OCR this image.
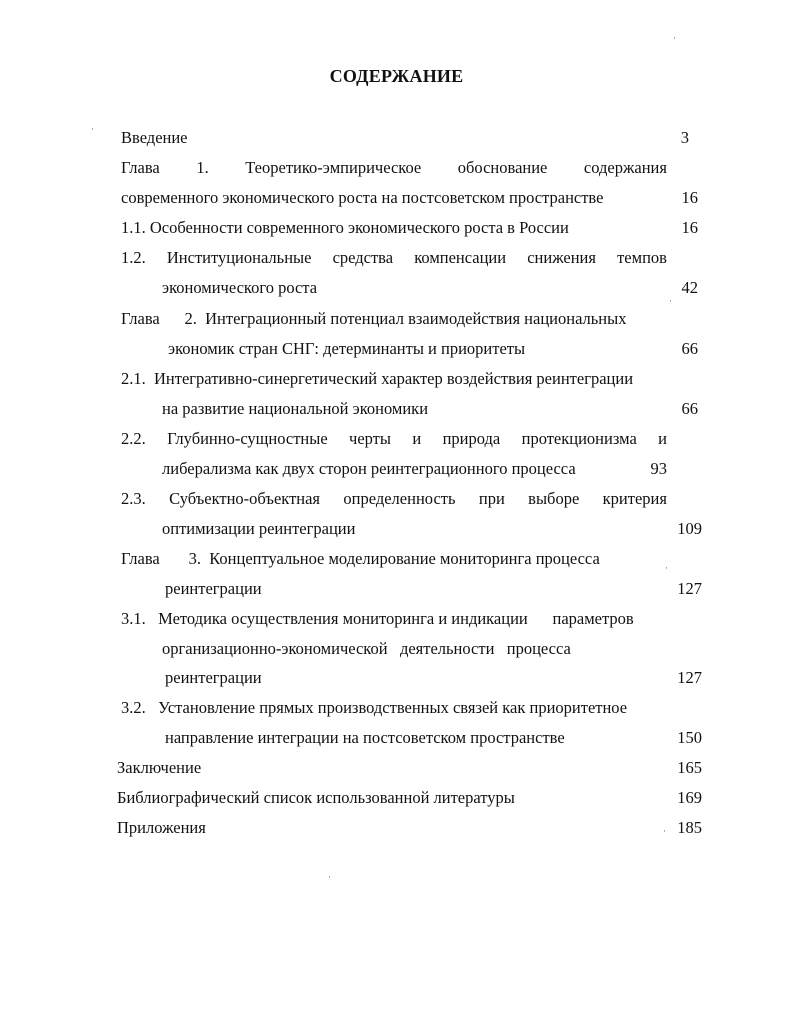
СОДЕРЖАНИЕ
Введение	3
Глава 1. Теоретико-эмпирическое обоснование содержания
современного экономического роста на постсоветском пространстве	16
1.1. Особенности современного экономического роста в России	16
1.2. Институциональные средства компенсации снижения темпов
экономического роста	42
Глава      2.  Интеграционный потенциал взаимодействия национальных
экономик стран СНГ: детерминанты и приоритеты	66
2.1.  Интегративно-синергетический характер воздействия реинтеграции
на развитие национальной экономики	66
2.2. Глубинно-сущностные черты и природа протекционизма и
либерализма как двух сторон реинтеграционного процесса	93
2.3. Субъектно-объектная определенность при выборе критерия
оптимизации реинтеграции	109
Глава       3.  Концептуальное моделирование мониторинга процесса
реинтеграции	127
3.1.   Методика осуществления мониторинга и индикации      параметров
организационно-экономической   деятельности   процесса
реинтеграции	127
3.2.   Установление прямых производственных связей как приоритетное
направление интеграции на постсоветском пространстве	150
Заключение	165
Библиографический список использованной литературы	169
Приложения	185
·
·
·
·
·
·
